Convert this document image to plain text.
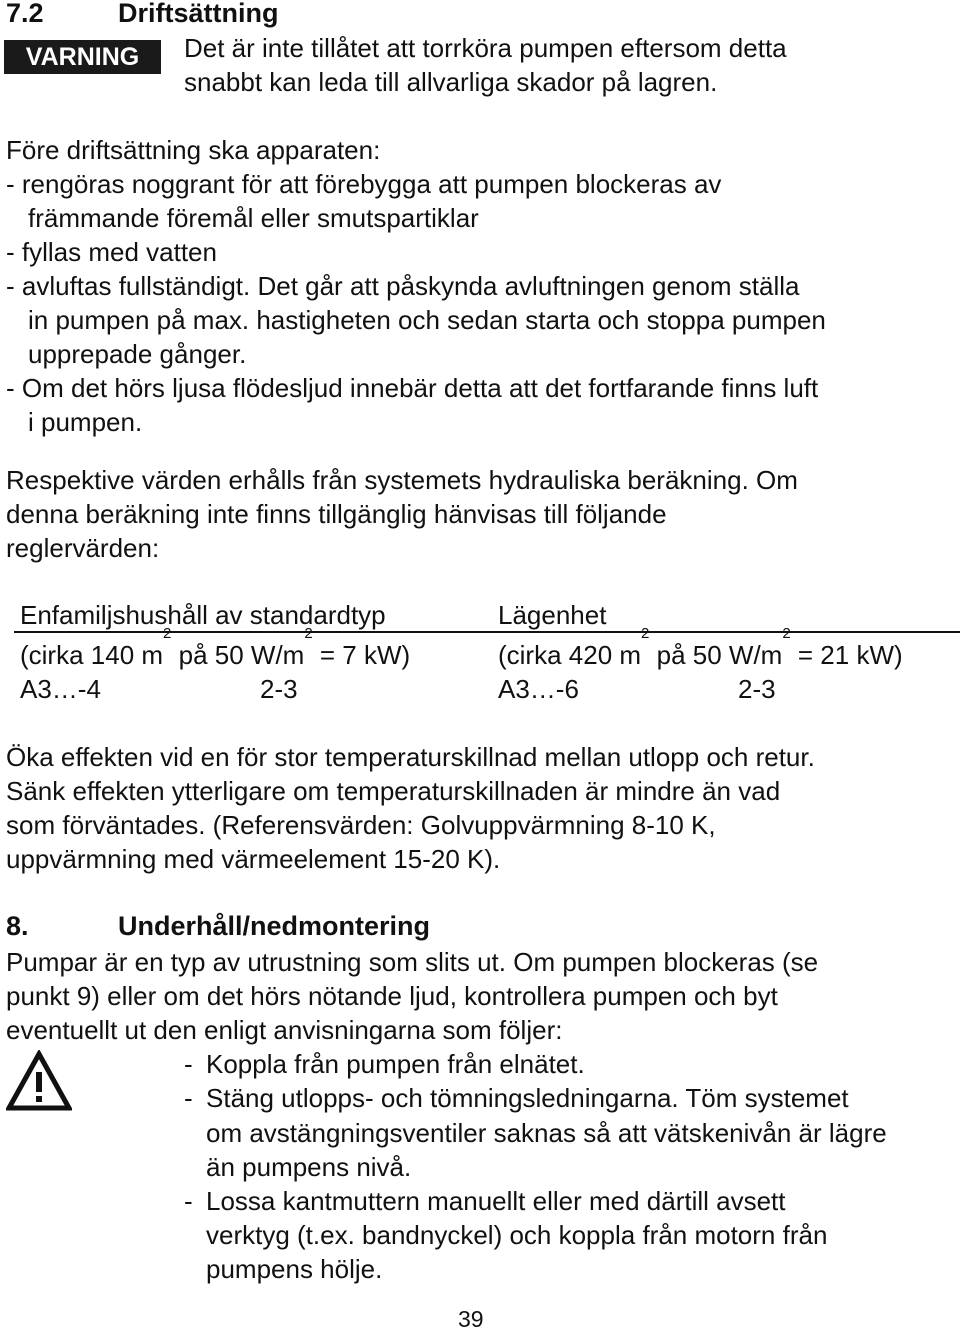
7.2	Driftsättning
VARNING	Det är inte tillåtet att torrköra pumpen eftersom detta
snabbt kan leda till allvarliga skador på lagren.
Före driftsättning ska apparaten:
- rengöras noggrant för att förebygga att pumpen blockeras av
främmande föremål eller smutspartiklar
- fyllas med vatten
- avluftas fullständigt. Det går att påskynda avluftningen genom ställa
in pumpen på max. hastigheten och sedan starta och stoppa pumpen
upprepade gånger.
- Om det hörs ljusa flödesljud innebär detta att det fortfarande finns luft
i pumpen.
Respektive värden erhålls från systemets hydrauliska beräkning. Om
denna beräkning inte finns tillgänglig hänvisas till följande
reglervärden:
Enfamiljshushåll av standardtyp	Lägenhet
(cirka 140 $m^2$ på 50 $W/m^2 = 7$ kW)	(cirka 420 $m^2$ på 50 $W/m^2 = 21$ kW)
A3…-4	2-3	A3…-6	2-3
Öka effekten vid en för stor temperaturskillnad mellan utlopp och retur.
Sänk effekten ytterligare om temperaturskillnaden är mindre än vad
som förväntades. (Referensvärden: Golvuppvärmning 8-10 K,
uppvärmning med värmeelement 15-20 K).
8.	Underhåll/nedmontering
Pumpar är en typ av utrustning som slits ut. Om pumpen blockeras (se
punkt 9) eller om det hörs nötande ljud, kontrollera pumpen och byt
eventuellt ut den enligt anvisningarna som följer:
- Koppla från pumpen från elnätet.
- Stäng utlopps- och tömningsledningarna. Töm systemet
om avstängningsventiler saknas så att vätskenivån är lägre
än pumpens nivå.
- Lossa kantmuttern manuellt eller med därtill avsett
verktyg (t.ex. bandnyckel) och koppla från motorn från
pumpens hölje.
39
